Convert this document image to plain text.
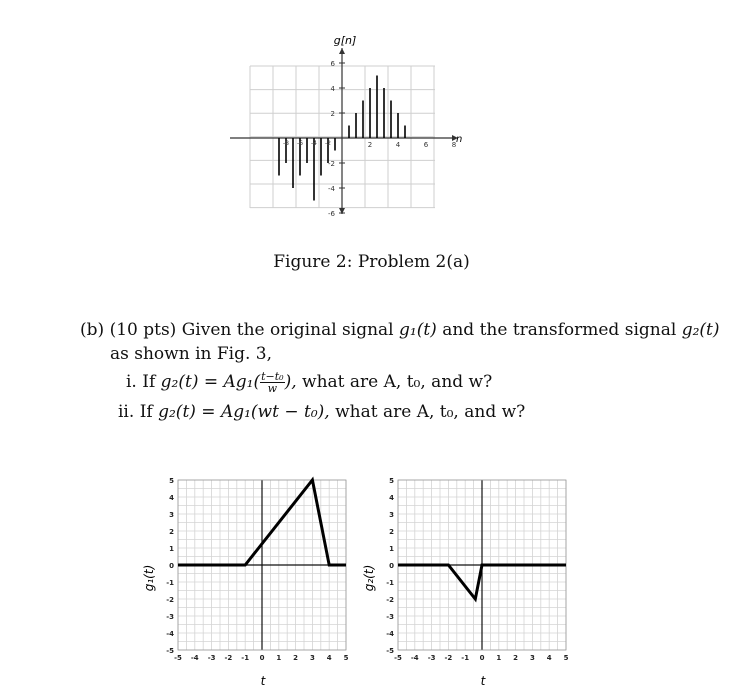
g[n]
n
6
4
2
-2
-4
-6
-8 -6 -4 -2	2	4	6	8
Figure 2: Problem 2(a)
(b) (10 pts) Given the original signal g₁(t) and the transformed signal g₂(t)
as shown in Fig. 3,
i. If $g_2(t) = Ag_1( \frac{\text{t−t₀}}{w}$ ), what are A, t₀, and w?
ii. If g₂(t) = Ag₁(wt − t₀), what are A, t₀, and w?
5
4
3
2
1
0
-1
-2
-3
-4
-5
-5 -4 -3 -2 -1 0 1 2 3 4 5
g₁(t)
t
5
4
3
2
1
0
-1
-2
-3
-4
-5
-5 -4 -3 -2 -1 0 1 2 3 4 5
g₂(t)
t
